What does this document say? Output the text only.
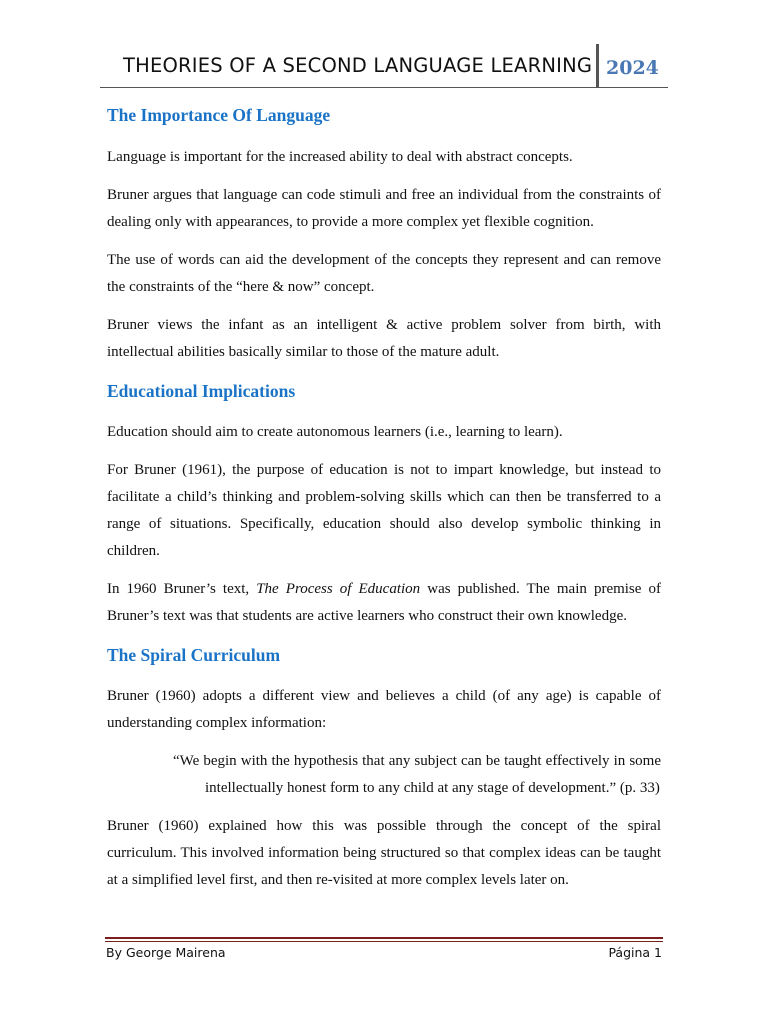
THEORIES OF A SECOND LANGUAGE LEARNING 2024
The Importance Of Language

Language is important for the increased ability to deal with abstract concepts.

Bruner argues that language can code stimuli and free an individual from the constraints of dealing only with appearances, to provide a more complex yet flexible cognition.

The use of words can aid the development of the concepts they represent and can remove the constraints of the “here & now” concept.

Bruner views the infant as an intelligent & active problem solver from birth, with intellectual abilities basically similar to those of the mature adult.

Educational Implications

Education should aim to create autonomous learners (i.e., learning to learn).

For Bruner (1961), the purpose of education is not to impart knowledge, but instead to facilitate a child’s thinking and problem-solving skills which can then be transferred to a range of situations. Specifically, education should also develop symbolic thinking in children.

In 1960 Bruner’s text, The Process of Education was published. The main premise of Bruner’s text was that students are active learners who construct their own knowledge.

The Spiral Curriculum

Bruner (1960) adopts a different view and believes a child (of any age) is capable of understanding complex information:

“We begin with the hypothesis that any subject can be taught effectively in some intellectually honest form to any child at any stage of development.” (p. 33)

Bruner (1960) explained how this was possible through the concept of the spiral curriculum. This involved information being structured so that complex ideas can be taught at a simplified level first, and then re-visited at more complex levels later on.

By George Mairena	Página 1
